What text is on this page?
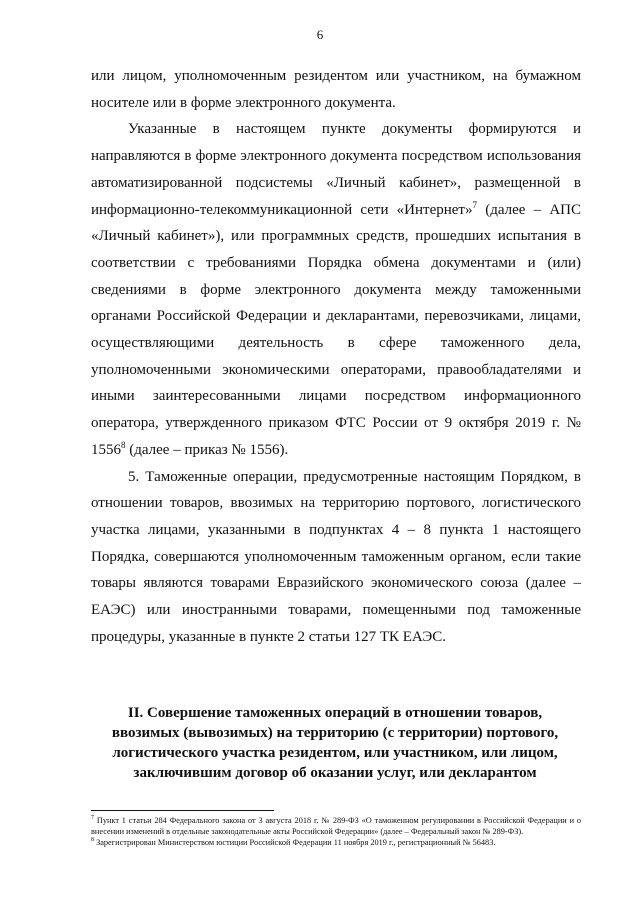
6

или лицом, уполномоченным резидентом или участником, на бумажном носителе или в форме электронного документа.

Указанные в настоящем пункте документы формируются и направляются в форме электронного документа посредством использования автоматизированной подсистемы «Личный кабинет», размещенной в информационно-телекоммуникационной сети «Интернет»$^7$ (далее – АПС «Личный кабинет»), или программных средств, прошедших испытания в соответствии с требованиями Порядка обмена документами и (или) сведениями в форме электронного документа между таможенными органами Российской Федерации и декларантами, перевозчиками, лицами, осуществляющими деятельность в сфере таможенного дела, уполномоченными экономическими операторами, правообладателями и иными заинтересованными лицами посредством информационного оператора, утвержденного приказом ФТС России от 9 октября 2019 г. № 1556$^8$ (далее – приказ № 1556).

5. Таможенные операции, предусмотренные настоящим Порядком, в отношении товаров, ввозимых на территорию портового, логистического участка лицами, указанными в подпунктах 4 – 8 пункта 1 настоящего Порядка, совершаются уполномоченным таможенным органом, если такие товары являются товарами Евразийского экономического союза (далее – ЕАЭС) или иностранными товарами, помещенными под таможенные процедуры, указанные в пункте 2 статьи 127 ТК ЕАЭС.

II. Совершение таможенных операций в отношении товаров, ввозимых (вывозимых) на территорию (с территории) портового, логистического участка резидентом, или участником, или лицом, заключившим договор об оказании услуг, или декларантом

$^7$ Пункт 1 статьи 284 Федерального закона от 3 августа 2018 г. № 289-ФЗ «О таможенном регулировании в Российской Федерации и о внесении изменений в отдельные законодательные акты Российской Федерации» (далее – Федеральный закон № 289-ФЗ).

$^8$ Зарегистрирован Министерством юстиции Российской Федерации 11 ноября 2019 г., регистрационный № 56483.
